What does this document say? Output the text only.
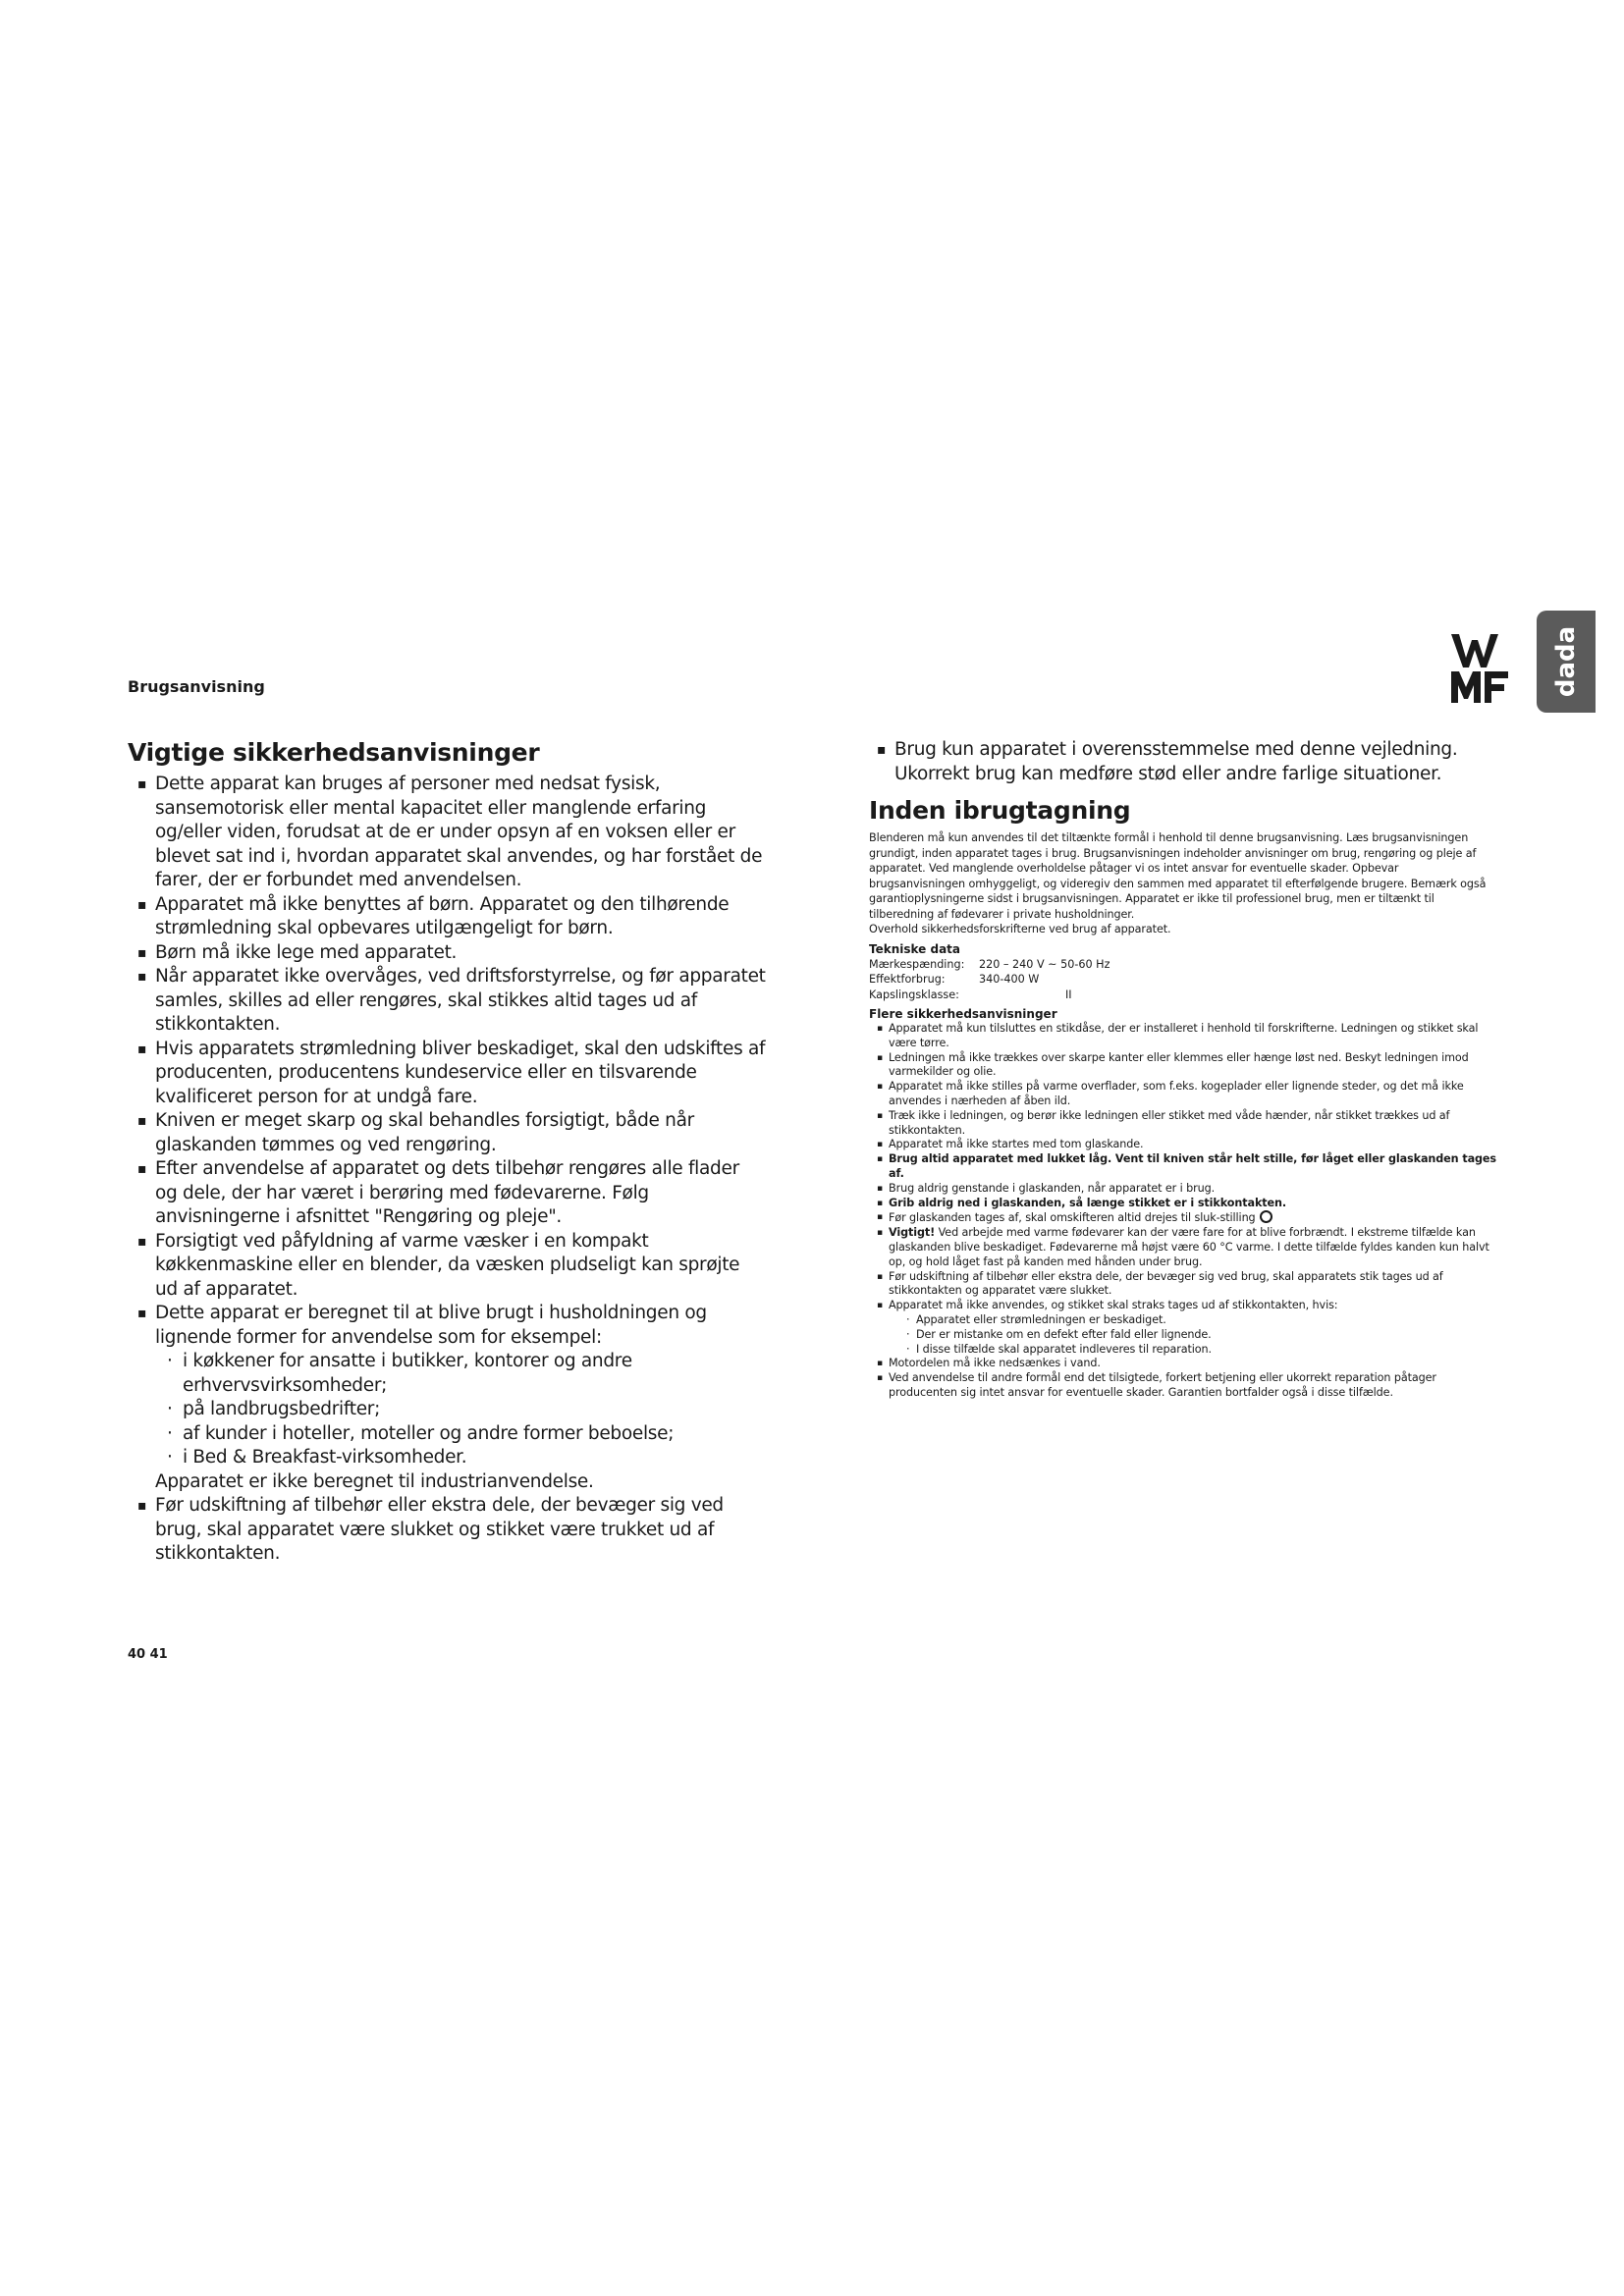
Brugsanvisning	dada
Vigtige sikkerhedsanvisninger
▪ Dette apparat kan bruges af personer med nedsat fysisk, sansemotorisk eller mental kapacitet eller manglende erfaring og/eller viden, forudsat at de er under opsyn af en voksen eller er blevet sat ind i, hvordan apparatet skal anvendes, og har forstået de farer, der er forbundet med anvendelsen.
▪ Apparatet må ikke benyttes af børn. Apparatet og den tilhørende strømledning skal opbevares utilgængeligt for børn.
▪ Børn må ikke lege med apparatet.
▪ Når apparatet ikke overvåges, ved driftsforstyrrelse, og før apparatet samles, skilles ad eller rengøres, skal stikkes altid tages ud af stikkontakten.
▪ Hvis apparatets strømledning bliver beskadiget, skal den udskiftes af producenten, producentens kundeservice eller en tilsvarende kvalificeret person for at undgå fare.
▪ Kniven er meget skarp og skal behandles forsigtigt, både når glaskanden tømmes og ved rengøring.
▪ Efter anvendelse af apparatet og dets tilbehør rengøres alle flader og dele, der har været i berøring med fødevarerne. Følg anvisningerne i afsnittet "Rengøring og pleje".
▪ Forsigtigt ved påfyldning af varme væsker i en kompakt køkkenmaskine eller en blender, da væsken pludseligt kan sprøjte ud af apparatet.
▪ Dette apparat er beregnet til at blive brugt i husholdningen og lignende former for anvendelse som for eksempel:
· i køkkener for ansatte i butikker, kontorer og andre erhvervsvirksomheder;
· på landbrugsbedrifter;
· af kunder i hoteller, moteller og andre former beboelse;
· i Bed & Breakfast-virksomheder.
Apparatet er ikke beregnet til industrianvendelse.
▪ Før udskiftning af tilbehør eller ekstra dele, der bevæger sig ved brug, skal apparatet være slukket og stikket være trukket ud af stikkontakten.
▪ Brug kun apparatet i overensstemmelse med denne vejledning. Ukorrekt brug kan medføre stød eller andre farlige situationer.
Inden ibrugtagning

Blenderen må kun anvendes til det tiltænkte formål i henhold til denne brugsanvisning. Læs brugsanvisningen grundigt, inden apparatet tages i brug. Brugsanvisningen indeholder anvisninger om brug, rengøring og pleje af apparatet. Ved manglende overholdelse påtager vi os intet ansvar for eventuelle skader. Opbevar brugsanvisningen omhyggeligt, og videregiv den sammen med apparatet til efterfølgende brugere. Bemærk også garantioplysningerne sidst i brugsanvisningen. Apparatet er ikke til professionel brug, men er tiltænkt til tilberedning af fødevarer i private husholdninger.

Overhold sikkerhedsforskrifterne ved brug af apparatet.

Tekniske data
Mærkespænding:	220 – 240 V ~ 50-60 Hz
Effektforbrug:	340-400 W
Kapslingsklasse:	II
Flere sikkerhedsanvisninger
▪ Apparatet må kun tilsluttes en stikdåse, der er installeret i henhold til forskrifterne. Ledningen og stikket skal være tørre.
▪ Ledningen må ikke trækkes over skarpe kanter eller klemmes eller hænge løst ned. Beskyt ledningen imod varmekilder og olie.
▪ Apparatet må ikke stilles på varme overflader, som f.eks. kogeplader eller lignende steder, og det må ikke anvendes i nærheden af åben ild.
▪ Træk ikke i ledningen, og berør ikke ledningen eller stikket med våde hænder, når stikket trækkes ud af stikkontakten.
▪ Apparatet må ikke startes med tom glaskande.
▪ Brug altid apparatet med lukket låg. Vent til kniven står helt stille, før låget eller glaskanden tages af.
▪ Brug aldrig genstande i glaskanden, når apparatet er i brug.
▪ Grib aldrig ned i glaskanden, så længe stikket er i stikkontakten.
▪ Før glaskanden tages af, skal omskifteren altid drejes til sluk-stilling
▪ Vigtigt! Ved arbejde med varme fødevarer kan der være fare for at blive forbrændt. I ekstreme tilfælde kan glaskanden blive beskadiget. Fødevarerne må højst være 60 °C varme. I dette tilfælde fyldes kanden kun halvt op, og hold låget fast på kanden med hånden under brug.
▪ Før udskiftning af tilbehør eller ekstra dele, der bevæger sig ved brug, skal apparatets stik tages ud af stikkontakten og apparatet være slukket.
▪ Apparatet må ikke anvendes, og stikket skal straks tages ud af stikkontakten, hvis:
· Apparatet eller strømledningen er beskadiget.
· Der er mistanke om en defekt efter fald eller lignende.
· I disse tilfælde skal apparatet indleveres til reparation.
▪ Motordelen må ikke nedsænkes i vand.
▪ Ved anvendelse til andre formål end det tilsigtede, forkert betjening eller ukorrekt reparation påtager producenten sig intet ansvar for eventuelle skader. Garantien bortfalder også i disse tilfælde.
40 41
